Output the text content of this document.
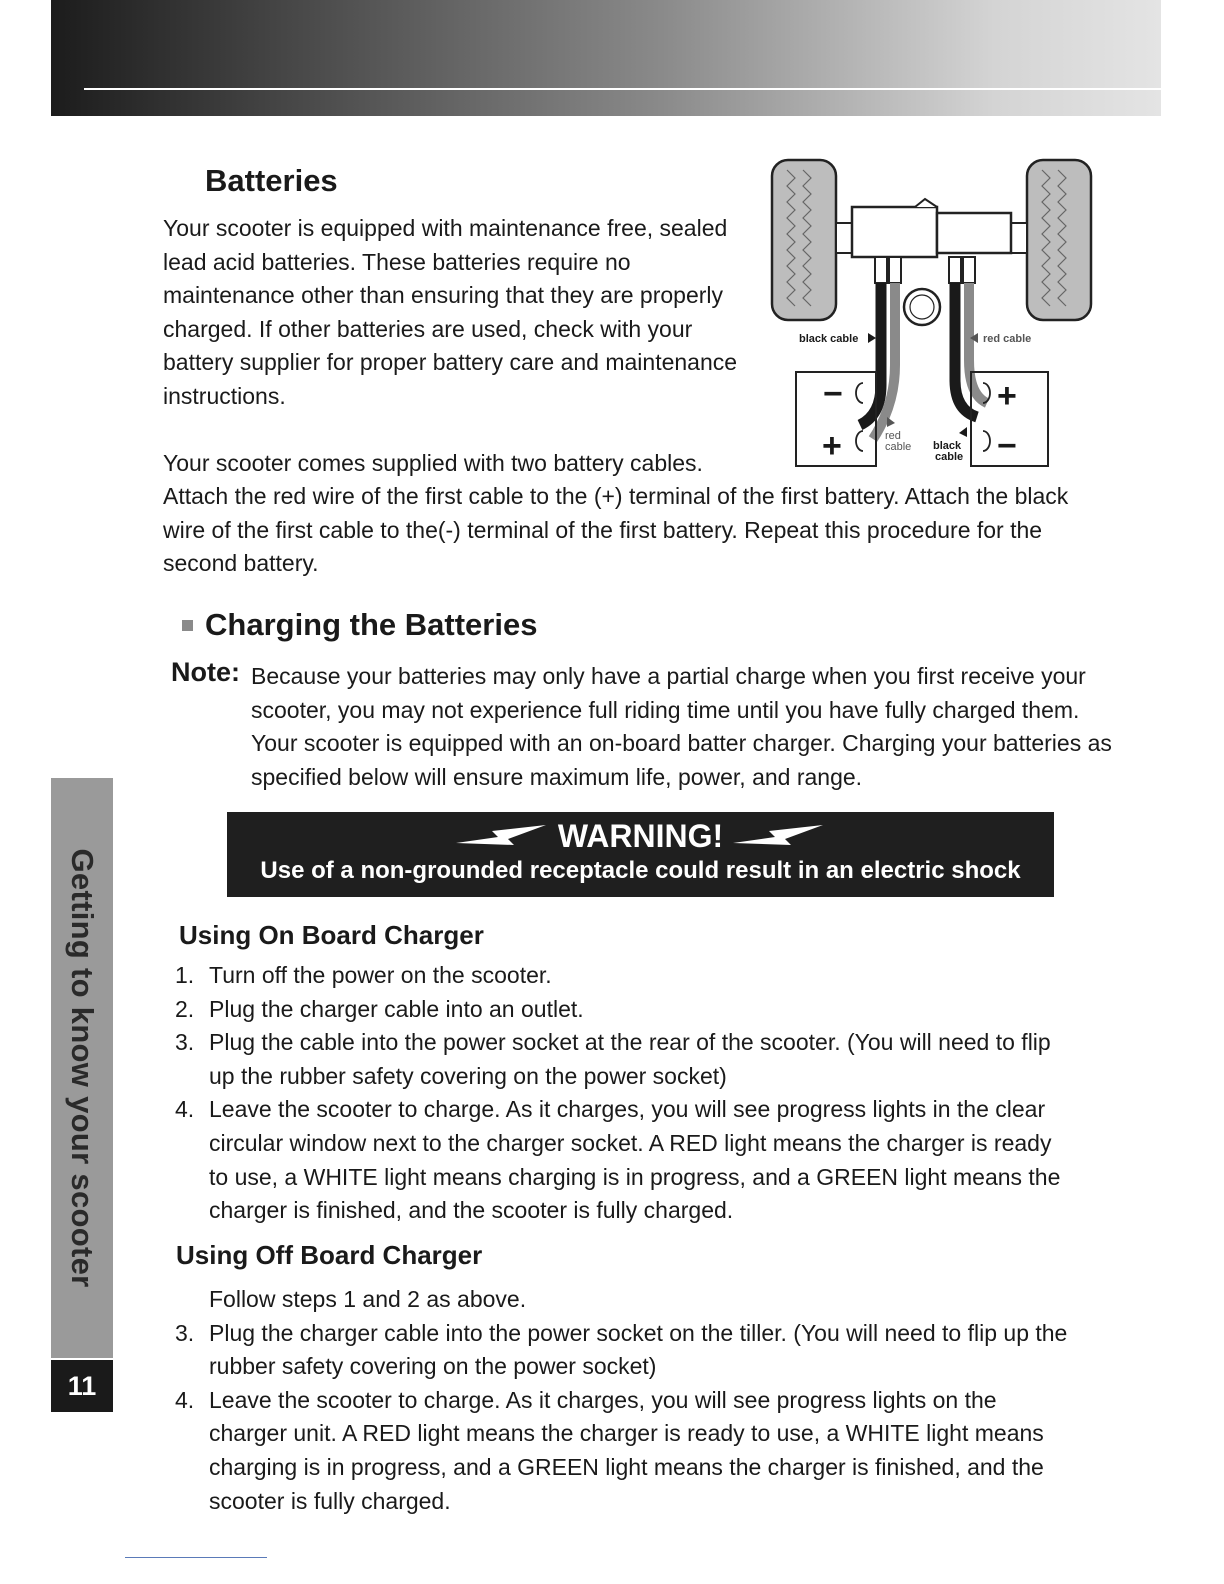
Getting to know your scooter
11
Batteries

Your scooter is equipped with maintenance free, sealed lead acid batteries. These batteries require no maintenance other than ensuring that they are properly charged. If other batteries are used, check with your battery supplier for proper battery care and maintenance instructions.

Your scooter comes supplied with two battery cables.

Attach the red wire of the first cable to the (+) terminal of the first battery. Attach the black wire of the first cable to the(-) terminal of the first battery. Repeat this procedure for the second battery.

−
+
+
−
black cable	red cable
red
cable black
cable
Charging the Batteries

Note: Because your batteries may only have a partial charge when you first receive your scooter, you may not experience full riding time until you have fully charged them. Your scooter is equipped with an on-board batter charger. Charging your batteries as specified below will ensure maximum life, power, and range.

WARNING!
Use of a non-grounded receptacle could result in an electric shock
Using On Board Charger
1. Turn off the power on the scooter.
2. Plug the charger cable into an outlet.
3. Plug the cable into the power socket at the rear of the scooter. (You will need to flip up the rubber safety covering on the power socket)
4. Leave the scooter to charge. As it charges, you will see progress lights in the clear circular window next to the charger socket. A RED light means the charger is ready to use, a WHITE light means charging is in progress, and a GREEN light means the charger is finished, and the scooter is fully charged.
Using Off Board Charger
Follow steps 1 and 2 as above.
3. Plug the charger cable into the power socket on the tiller. (You will need to flip up the rubber safety covering on the power socket)
4. Leave the scooter to charge. As it charges, you will see progress lights on the charger unit. A RED light means the charger is ready to use, a WHITE light means charging is in progress, and a GREEN light means the charger is finished, and the scooter is fully charged.
